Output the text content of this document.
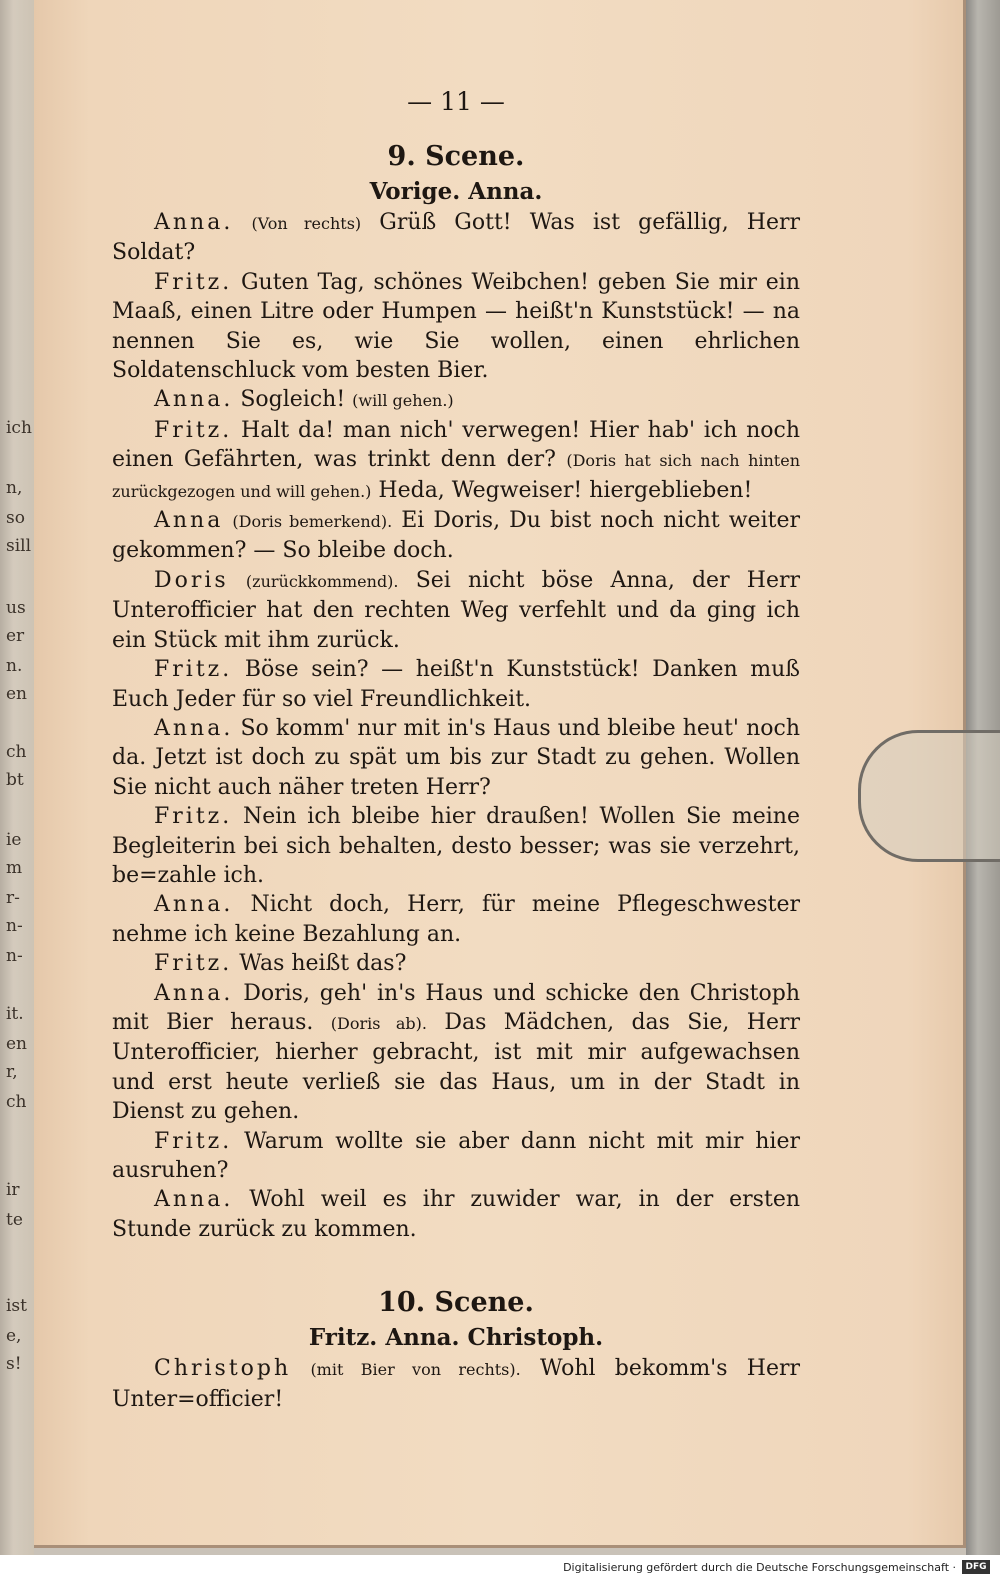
ich
n,
so
sill
us
er
n.
en
ch
bt
ie
m
r-
n-
n-
it.
en
r,
ch
ir
te
ist
e,
s!
— 11 —
9. Scene.
Vorige. Anna.

Anna. (Von rechts) Grüß Gott! Was ist gefällig, Herr Soldat?

Fritz. Guten Tag, schönes Weibchen! geben Sie mir ein Maaß, einen Litre oder Humpen — heißt'n Kunststück! — na nennen Sie es, wie Sie wollen, einen ehrlichen Soldatenschluck vom besten Bier.

Anna. Sogleich! (will gehen.)

Fritz. Halt da! man nich' verwegen! Hier hab' ich noch einen Gefährten, was trinkt denn der? (Doris hat sich nach hinten zurückgezogen und will gehen.) Heda, Wegweiser! hiergeblieben!

Anna (Doris bemerkend). Ei Doris, Du bist noch nicht weiter gekommen? — So bleibe doch.

Doris (zurückkommend). Sei nicht böse Anna, der Herr Unterofficier hat den rechten Weg verfehlt und da ging ich ein Stück mit ihm zurück.

Fritz. Böse sein? — heißt'n Kunststück! Danken muß Euch Jeder für so viel Freundlichkeit.

Anna. So komm' nur mit in's Haus und bleibe heut' noch da. Jetzt ist doch zu spät um bis zur Stadt zu gehen. Wollen Sie nicht auch näher treten Herr?

Fritz. Nein ich bleibe hier draußen! Wollen Sie meine Begleiterin bei sich behalten, desto besser; was sie verzehrt, be=zahle ich.

Anna. Nicht doch, Herr, für meine Pflegeschwester nehme ich keine Bezahlung an.

Fritz. Was heißt das?

Anna. Doris, geh' in's Haus und schicke den Christoph mit Bier heraus. (Doris ab). Das Mädchen, das Sie, Herr Unterofficier, hierher gebracht, ist mit mir aufgewachsen und erst heute verließ sie das Haus, um in der Stadt in Dienst zu gehen.

Fritz. Warum wollte sie aber dann nicht mit mir hier ausruhen?

Anna. Wohl weil es ihr zuwider war, in der ersten Stunde zurück zu kommen.

10. Scene.
Fritz. Anna. Christoph.

Christoph (mit Bier von rechts). Wohl bekomm's Herr Unter=officier!

Digitalisierung gefördert durch die Deutsche Forschungsgemeinschaft ·	DFG
